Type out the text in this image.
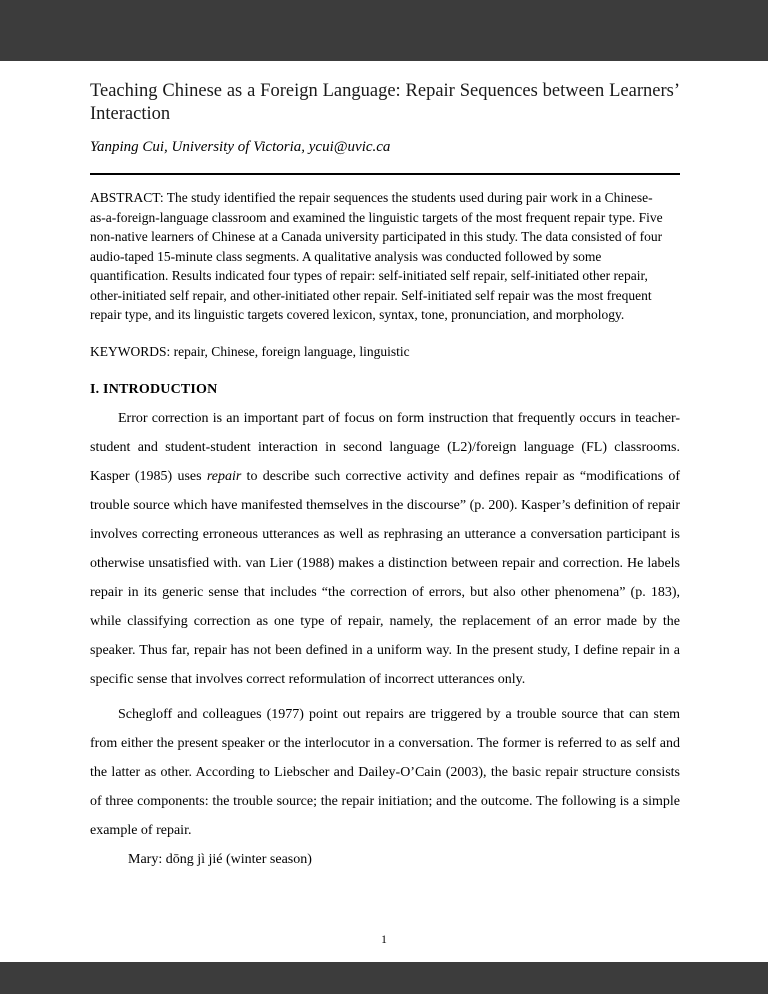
Teaching Chinese as a Foreign Language: Repair Sequences between Learners’ Interaction

Yanping Cui, University of Victoria, ycui@uvic.ca

ABSTRACT: The study identified the repair sequences the students used during pair work in a Chinese-as-a-foreign-language classroom and examined the linguistic targets of the most frequent repair type. Five non-native learners of Chinese at a Canada university participated in this study. The data consisted of four audio-taped 15-minute class segments. A qualitative analysis was conducted followed by some quantification. Results indicated four types of repair: self-initiated self repair, self-initiated other repair, other-initiated self repair, and other-initiated other repair. Self-initiated self repair was the most frequent repair type, and its linguistic targets covered lexicon, syntax, tone, pronunciation, and morphology.

KEYWORDS: repair, Chinese, foreign language, linguistic

I. INTRODUCTION

Error correction is an important part of focus on form instruction that frequently occurs in teacher-student and student-student interaction in second language (L2)/foreign language (FL) classrooms. Kasper (1985) uses repair to describe such corrective activity and defines repair as “modifications of trouble source which have manifested themselves in the discourse” (p. 200). Kasper’s definition of repair involves correcting erroneous utterances as well as rephrasing an utterance a conversation participant is otherwise unsatisfied with. van Lier (1988) makes a distinction between repair and correction. He labels repair in its generic sense that includes “the correction of errors, but also other phenomena” (p. 183), while classifying correction as one type of repair, namely, the replacement of an error made by the speaker. Thus far, repair has not been defined in a uniform way. In the present study, I define repair in a specific sense that involves correct reformulation of incorrect utterances only.

Schegloff and colleagues (1977) point out repairs are triggered by a trouble source that can stem from either the present speaker or the interlocutor in a conversation. The former is referred to as self and the latter as other. According to Liebscher and Dailey-O’Cain (2003), the basic repair structure consists of three components: the trouble source; the repair initiation; and the outcome. The following is a simple example of repair.

Mary: dōng jì jié (winter season)

1
